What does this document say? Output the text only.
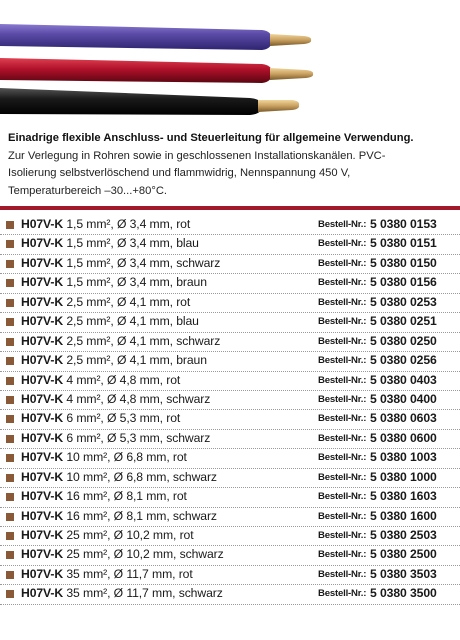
Einadrige flexible Anschluss- und Steuerleitung für allgemeine Verwendung.
Zur Verlegung in Rohren sowie in geschlossenen Installationskanälen. PVC-
Isolierung selbstverlöschend und flammwidrig, Nennspannung 450 V,
Temperaturbereich –30...+80°C.
H07V-K 1,5 mm², Ø 3,4 mm, rot	Bestell-Nr.: 5 0380 0153
H07V-K 1,5 mm², Ø 3,4 mm, blau	Bestell-Nr.: 5 0380 0151
H07V-K 1,5 mm², Ø 3,4 mm, schwarz	Bestell-Nr.: 5 0380 0150
H07V-K 1,5 mm², Ø 3,4 mm, braun	Bestell-Nr.: 5 0380 0156
H07V-K 2,5 mm², Ø 4,1 mm, rot	Bestell-Nr.: 5 0380 0253
H07V-K 2,5 mm², Ø 4,1 mm, blau	Bestell-Nr.: 5 0380 0251
H07V-K 2,5 mm², Ø 4,1 mm, schwarz	Bestell-Nr.: 5 0380 0250
H07V-K 2,5 mm², Ø 4,1 mm, braun	Bestell-Nr.: 5 0380 0256
H07V-K 4 mm², Ø 4,8 mm, rot	Bestell-Nr.: 5 0380 0403
H07V-K 4 mm², Ø 4,8 mm, schwarz	Bestell-Nr.: 5 0380 0400
H07V-K 6 mm², Ø 5,3 mm, rot	Bestell-Nr.: 5 0380 0603
H07V-K 6 mm², Ø 5,3 mm, schwarz	Bestell-Nr.: 5 0380 0600
H07V-K 10 mm², Ø 6,8 mm, rot	Bestell-Nr.: 5 0380 1003
H07V-K 10 mm², Ø 6,8 mm, schwarz	Bestell-Nr.: 5 0380 1000
H07V-K 16 mm², Ø 8,1 mm, rot	Bestell-Nr.: 5 0380 1603
H07V-K 16 mm², Ø 8,1 mm, schwarz	Bestell-Nr.: 5 0380 1600
H07V-K 25 mm², Ø 10,2 mm, rot	Bestell-Nr.: 5 0380 2503
H07V-K 25 mm², Ø 10,2 mm, schwarz	Bestell-Nr.: 5 0380 2500
H07V-K 35 mm², Ø 11,7 mm, rot	Bestell-Nr.: 5 0380 3503
H07V-K 35 mm², Ø 11,7 mm, schwarz	Bestell-Nr.: 5 0380 3500
